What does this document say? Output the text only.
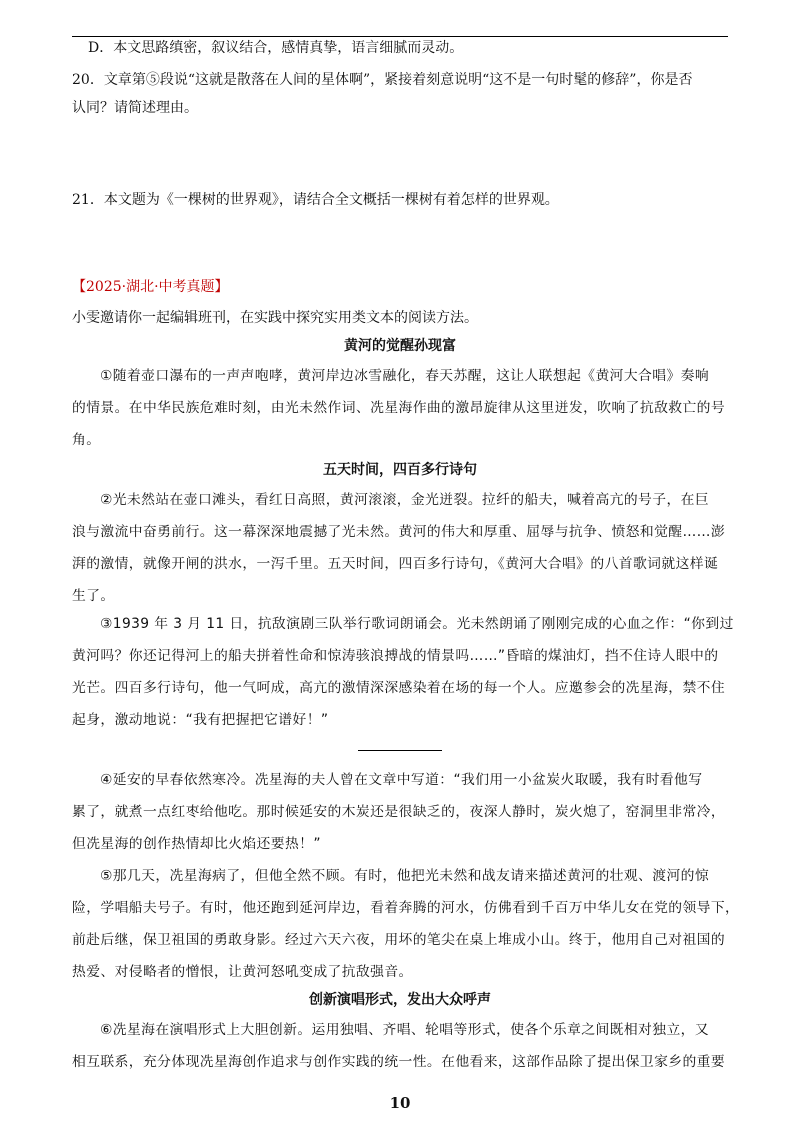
D．本文思路缜密，叙议结合，感情真挚，语言细腻而灵动。
20．文章第⑤段说“这就是散落在人间的星体啊”，紧接着刻意说明“这不是一句时髦的修辞”，你是否
认同？请简述理由。
21．本文题为《一棵树的世界观》，请结合全文概括一棵树有着怎样的世界观。
【2025·湖北·中考真题】
小雯邀请你一起编辑班刊，在实践中探究实用类文本的阅读方法。
黄河的觉醒孙现富
①随着壶口瀑布的一声声咆哮，黄河岸边冰雪融化，春天苏醒，这让人联想起《黄河大合唱》奏响
的情景。在中华民族危难时刻，由光未然作词、冼星海作曲的激昂旋律从这里迸发，吹响了抗敌救亡的号
角。
五天时间，四百多行诗句
②光未然站在壶口滩头，看红日高照，黄河滚滚，金光迸裂。拉纤的船夫，喊着高亢的号子，在巨
浪与激流中奋勇前行。这一幕深深地震撼了光未然。黄河的伟大和厚重、屈辱与抗争、愤怒和觉醒……澎
湃的激情，就像开闸的洪水，一泻千里。五天时间，四百多行诗句，《黄河大合唱》的八首歌词就这样诞
生了。
③1939 年 3 月 11 日，抗敌演剧三队举行歌词朗诵会。光未然朗诵了刚刚完成的心血之作：“你到过
黄河吗？你还记得河上的船夫拼着性命和惊涛骇浪搏战的情景吗……”昏暗的煤油灯，挡不住诗人眼中的
光芒。四百多行诗句，他一气呵成，高亢的激情深深感染着在场的每一个人。应邀参会的冼星海，禁不住
起身，激动地说：“我有把握把它谱好！”
④延安的早春依然寒冷。冼星海的夫人曾在文章中写道：“我们用一小盆炭火取暖，我有时看他写
累了，就煮一点红枣给他吃。那时候延安的木炭还是很缺乏的，夜深人静时，炭火熄了，窑洞里非常冷，
但冼星海的创作热情却比火焰还要热！”
⑤那几天，冼星海病了，但他全然不顾。有时，他把光未然和战友请来描述黄河的壮观、渡河的惊
险，学唱船夫号子。有时，他还跑到延河岸边，看着奔腾的河水，仿佛看到千百万中华儿女在党的领导下，
前赴后继，保卫祖国的勇敢身影。经过六天六夜，用坏的笔尖在桌上堆成小山。终于，他用自己对祖国的
热爱、对侵略者的憎恨，让黄河怒吼变成了抗敌强音。
创新演唱形式，发出大众呼声
⑥冼星海在演唱形式上大胆创新。运用独唱、齐唱、轮唱等形式，使各个乐章之间既相对独立，又
相互联系，充分体现冼星海创作追求与创作实践的统一性。在他看来，这部作品除了提出保卫家乡的重要
10
